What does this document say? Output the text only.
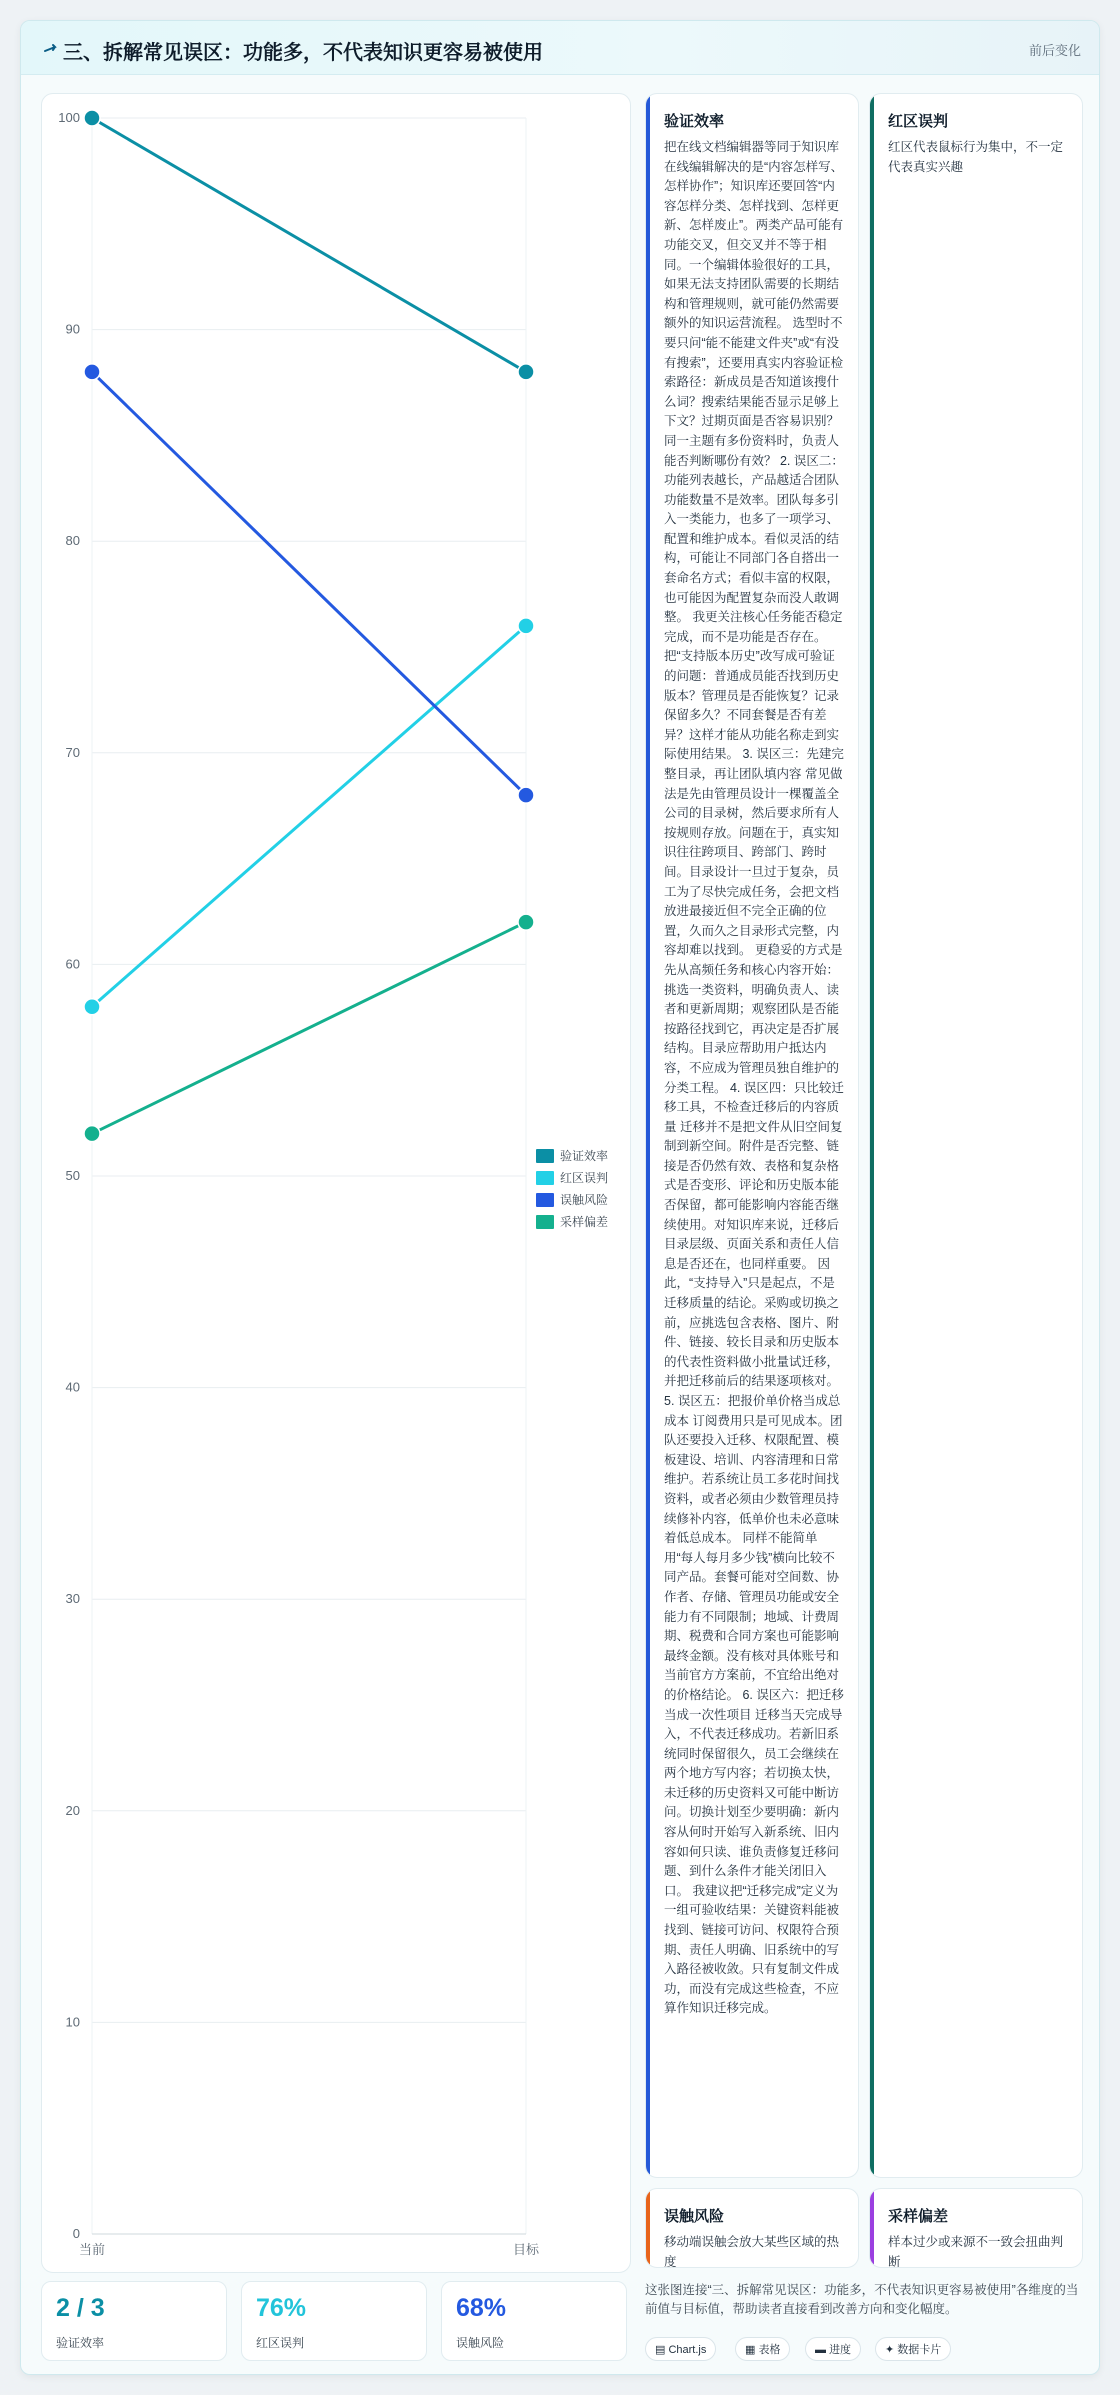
三、拆解常见误区：功能多，不代表知识更容易被使用	前后变化
0
10
20
30
40
50
60
70
80
90
100
当前	目标
验证效率
红区误判
误触风险
采样偏差
验证效率
把在线文档编辑器等同于知识库 在线编辑解决的是“内容怎样写、怎样协作”；知识库还要回答“内容怎样分类、怎样找到、怎样更新、怎样废止”。两类产品可能有功能交叉，但交叉并不等于相同。一个编辑体验很好的工具，如果无法支持团队需要的长期结构和管理规则，就可能仍然需要额外的知识运营流程。 选型时不要只问“能不能建文件夹”或“有没有搜索”，还要用真实内容验证检索路径：新成员是否知道该搜什么词？搜索结果能否显示足够上下文？过期页面是否容易识别？同一主题有多份资料时，负责人能否判断哪份有效？ 2. 误区二：功能列表越长，产品越适合团队 功能数量不是效率。团队每多引入一类能力，也多了一项学习、配置和维护成本。看似灵活的结构，可能让不同部门各自搭出一套命名方式；看似丰富的权限，也可能因为配置复杂而没人敢调整。 我更关注核心任务能否稳定完成，而不是功能是否存在。把“支持版本历史”改写成可验证的问题：普通成员能否找到历史版本？管理员是否能恢复？记录保留多久？不同套餐是否有差异？这样才能从功能名称走到实际使用结果。 3. 误区三：先建完整目录，再让团队填内容 常见做法是先由管理员设计一棵覆盖全公司的目录树，然后要求所有人按规则存放。问题在于，真实知识往往跨项目、跨部门、跨时间。目录设计一旦过于复杂，员工为了尽快完成任务，会把文档放进最接近但不完全正确的位置，久而久之目录形式完整，内容却难以找到。 更稳妥的方式是先从高频任务和核心内容开始：挑选一类资料，明确负责人、读者和更新周期；观察团队是否能按路径找到它，再决定是否扩展结构。目录应帮助用户抵达内容，不应成为管理员独自维护的分类工程。 4. 误区四：只比较迁移工具，不检查迁移后的内容质量 迁移并不是把文件从旧空间复制到新空间。附件是否完整、链接是否仍然有效、表格和复杂格式是否变形、评论和历史版本能否保留，都可能影响内容能否继续使用。对知识库来说，迁移后目录层级、页面关系和责任人信息是否还在，也同样重要。 因此，“支持导入”只是起点，不是迁移质量的结论。采购或切换之前，应挑选包含表格、图片、附件、链接、较长目录和历史版本的代表性资料做小批量试迁移，并把迁移前后的结果逐项核对。 5. 误区五：把报价单价格当成总成本 订阅费用只是可见成本。团队还要投入迁移、权限配置、模板建设、培训、内容清理和日常维护。若系统让员工多花时间找资料，或者必须由少数管理员持续修补内容，低单价也未必意味着低总成本。 同样不能简单用“每人每月多少钱”横向比较不同产品。套餐可能对空间数、协作者、存储、管理员功能或安全能力有不同限制；地域、计费周期、税费和合同方案也可能影响最终金额。没有核对具体账号和当前官方方案前，不宜给出绝对的价格结论。 6. 误区六：把迁移当成一次性项目 迁移当天完成导入，不代表迁移成功。若新旧系统同时保留很久，员工会继续在两个地方写内容；若切换太快，未迁移的历史资料又可能中断访问。切换计划至少要明确：新内容从何时开始写入新系统、旧内容如何只读、谁负责修复迁移问题、到什么条件才能关闭旧入口。 我建议把“迁移完成”定义为一组可验收结果：关键资料能被找到、链接可访问、权限符合预期、责任人明确、旧系统中的写入路径被收敛。只有复制文件成功，而没有完成这些检查，不应算作知识迁移完成。
红区误判
红区代表鼠标行为集中，不一定代表真实兴趣
误触风险
移动端误触会放大某些区域的热度
采样偏差
样本过少或来源不一致会扭曲判断
2 / 3
验证效率
76%
红区误判
68%
误触风险
这张图连接“三、拆解常见误区：功能多，不代表知识更容易被使用”各维度的当前值与目标值，帮助读者直接看到改善方向和变化幅度。
▤ Chart.js	▦ 表格	▬ 进度	✦ 数据卡片
